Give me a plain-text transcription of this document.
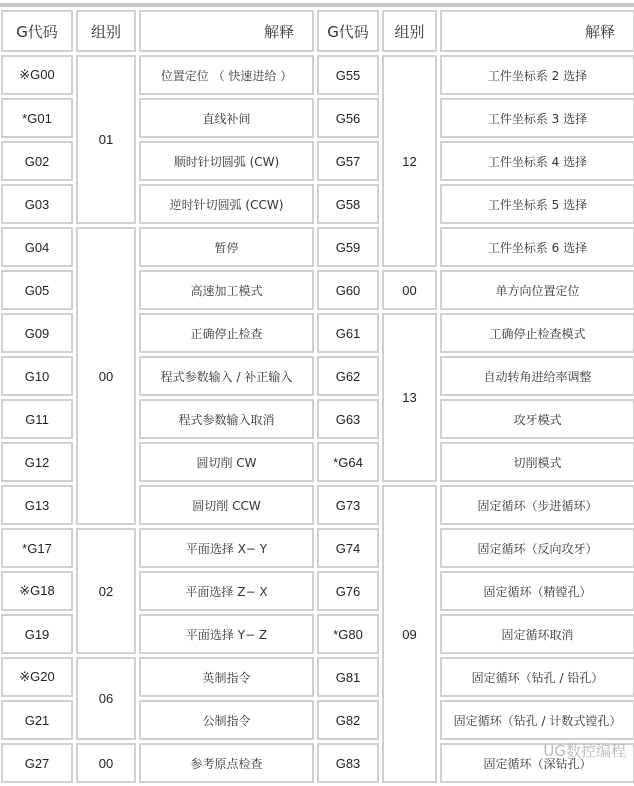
G代码	组别	解释	G代码	组别	解释
※G00	01	位置定位 （ 快速进给 ）	G55	12	工件坐标系 2 选择
*G01		直线补间	G56		工件坐标系 3 选择
G02		顺时针切圆弧 (CW)	G57		工件坐标系 4 选择
G03		逆时针切圆弧 (CCW)	G58		工件坐标系 5 选择
G04	00	暂停	G59		工件坐标系 6 选择
G05		高速加工模式	G60	00	单方向位置定位
G09		正确停止检查	G61	13	工确停止检查模式
G10		程式参数输入 / 补正输入	G62		自动转角进给率调整
G11		程式参数输入取消	G63		攻牙模式
G12		圆切削 CW	*G64		切削模式
G13		圆切削 CCW	G73	09	固定循环（步进循环）
*G17	02	平面选择 X− Y	G74		固定循环（反向攻牙）
※G18		平面选择 Z− X	G76		固定循环（精镗孔）
G19		平面选择 Y− Z	*G80		固定循环取消
※G20	06	英制指令	G81		固定循环（钻孔 / 铅孔）
G21		公制指令	G82		固定循环（钻孔 / 计数式镗孔）
G27	00	参考原点检查	G83		固定循环（深钻孔）
UG数控编程
